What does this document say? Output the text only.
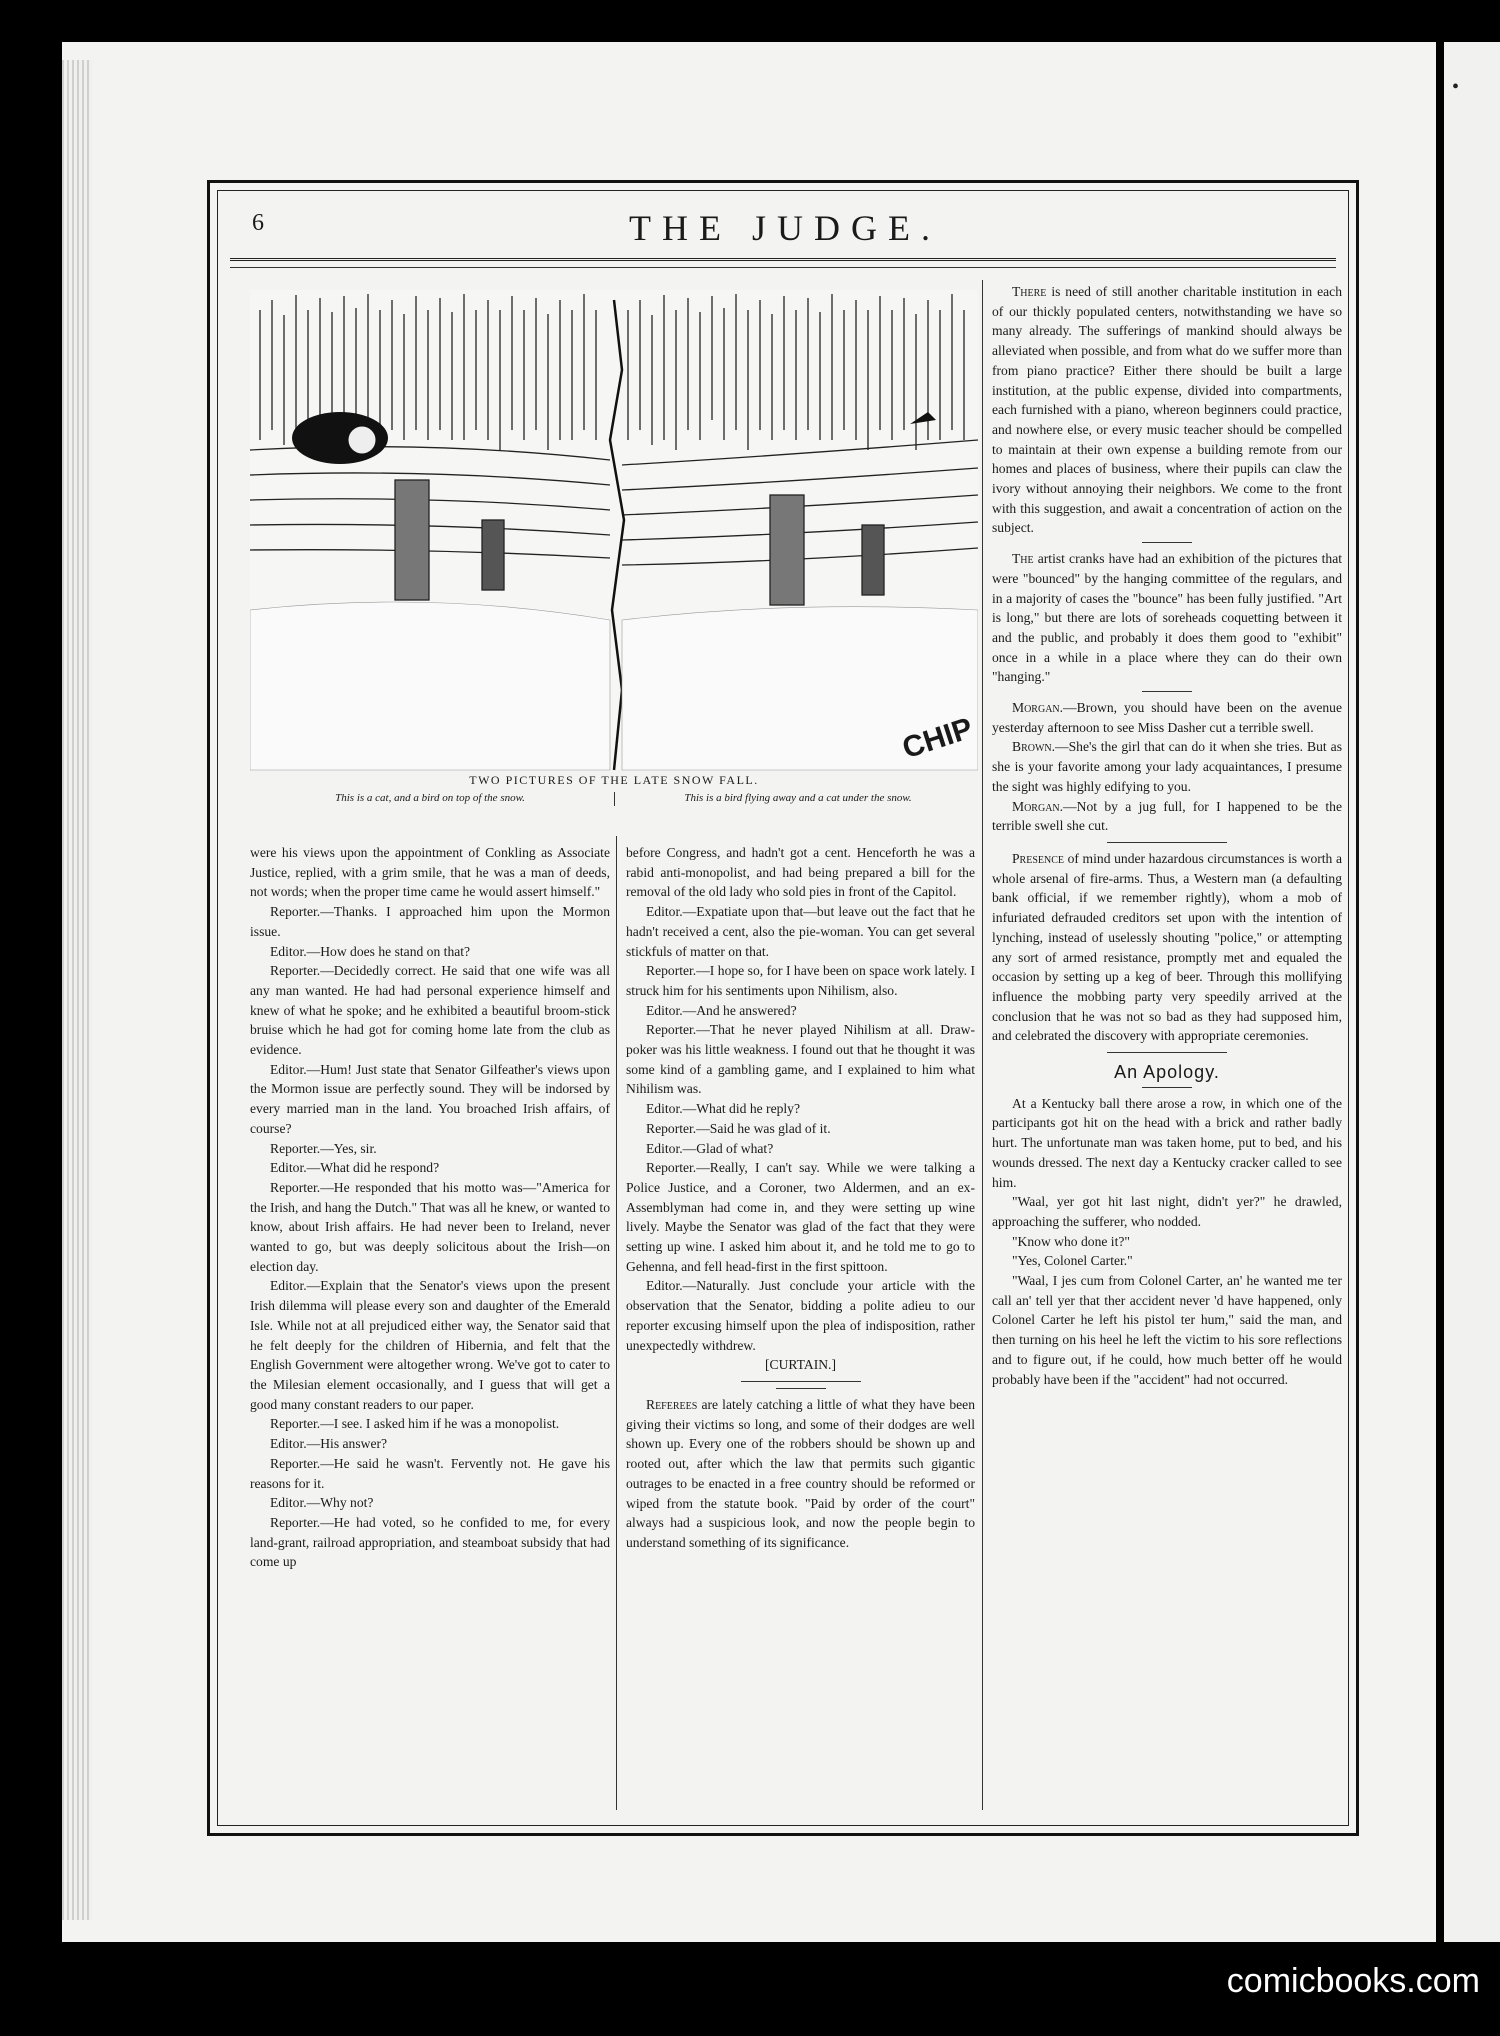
•
6	THE JUDGE.
CHIP
TWO PICTURES OF THE LATE SNOW FALL.
This is a cat, and a bird on top of the snow.	This is a bird flying away and a cat under the snow.

were his views upon the appointment of Conkling as Associate Justice, replied, with a grim smile, that he was a man of deeds, not words; when the proper time came he would assert himself."

Reporter.—Thanks. I approached him upon the Mormon issue.

Editor.—How does he stand on that?

Reporter.—Decidedly correct. He said that one wife was all any man wanted. He had had personal experience himself and knew of what he spoke; and he exhibited a beautiful broom-stick bruise which he had got for coming home late from the club as evidence.

Editor.—Hum! Just state that Senator Gilfeather's views upon the Mormon issue are perfectly sound. They will be indorsed by every married man in the land. You broached Irish affairs, of course?

Reporter.—Yes, sir.

Editor.—What did he respond?

Reporter.—He responded that his motto was—"America for the Irish, and hang the Dutch." That was all he knew, or wanted to know, about Irish affairs. He had never been to Ireland, never wanted to go, but was deeply solicitous about the Irish—on election day.

Editor.—Explain that the Senator's views upon the present Irish dilemma will please every son and daughter of the Emerald Isle. While not at all prejudiced either way, the Senator said that he felt deeply for the children of Hibernia, and felt that the English Government were altogether wrong. We've got to cater to the Milesian element occasionally, and I guess that will get a good many constant readers to our paper.

Reporter.—I see. I asked him if he was a monopolist.

Editor.—His answer?

Reporter.—He said he wasn't. Fervently not. He gave his reasons for it.

Editor.—Why not?

Reporter.—He had voted, so he confided to me, for every land-grant, railroad appropriation, and steamboat subsidy that had come up

before Congress, and hadn't got a cent. Henceforth he was a rabid anti-monopolist, and had being prepared a bill for the removal of the old lady who sold pies in front of the Capitol.

Editor.—Expatiate upon that—but leave out the fact that he hadn't received a cent, also the pie-woman. You can get several stickfuls of matter on that.

Reporter.—I hope so, for I have been on space work lately. I struck him for his sentiments upon Nihilism, also.

Editor.—And he answered?

Reporter.—That he never played Nihilism at all. Draw-poker was his little weakness. I found out that he thought it was some kind of a gambling game, and I explained to him what Nihilism was.

Editor.—What did he reply?

Reporter.—Said he was glad of it.

Editor.—Glad of what?

Reporter.—Really, I can't say. While we were talking a Police Justice, and a Coroner, two Aldermen, and an ex-Assemblyman had come in, and they were setting up wine lively. Maybe the Senator was glad of the fact that they were setting up wine. I asked him about it, and he told me to go to Gehenna, and fell head-first in the first spittoon.

Editor.—Naturally. Just conclude your article with the observation that the Senator, bidding a polite adieu to our reporter excusing himself upon the plea of indisposition, rather unexpectedly withdrew.

[CURTAIN.]

Referees are lately catching a little of what they have been giving their victims so long, and some of their dodges are well shown up. Every one of the robbers should be shown up and rooted out, after which the law that permits such gigantic outrages to be enacted in a free country should be reformed or wiped from the statute book. "Paid by order of the court" always had a suspicious look, and now the people begin to understand something of its significance.

There is need of still another charitable institution in each of our thickly populated centers, notwithstanding we have so many already. The sufferings of mankind should always be alleviated when possible, and from what do we suffer more than from piano practice? Either there should be built a large institution, at the public expense, divided into compartments, each furnished with a piano, whereon beginners could practice, and nowhere else, or every music teacher should be compelled to maintain at their own expense a building remote from our homes and places of business, where their pupils can claw the ivory without annoying their neighbors. We come to the front with this suggestion, and await a concentration of action on the subject.

The artist cranks have had an exhibition of the pictures that were "bounced" by the hanging committee of the regulars, and in a majority of cases the "bounce" has been fully justified. "Art is long," but there are lots of soreheads coquetting between it and the public, and probably it does them good to "exhibit" once in a while in a place where they can do their own "hanging."

Morgan.—Brown, you should have been on the avenue yesterday afternoon to see Miss Dasher cut a terrible swell.

Brown.—She's the girl that can do it when she tries. But as she is your favorite among your lady acquaintances, I presume the sight was highly edifying to you.

Morgan.—Not by a jug full, for I happened to be the terrible swell she cut.

Presence of mind under hazardous circumstances is worth a whole arsenal of fire-arms. Thus, a Western man (a defaulting bank official, if we remember rightly), whom a mob of infuriated defrauded creditors set upon with the intention of lynching, instead of uselessly shouting "police," or attempting any sort of armed resistance, promptly met and equaled the occasion by setting up a keg of beer. Through this mollifying influence the mobbing party very speedily arrived at the conclusion that he was not so bad as they had supposed him, and celebrated the discovery with appropriate ceremonies.

An Apology.

At a Kentucky ball there arose a row, in which one of the participants got hit on the head with a brick and rather badly hurt. The unfortunate man was taken home, put to bed, and his wounds dressed. The next day a Kentucky cracker called to see him.

"Waal, yer got hit last night, didn't yer?" he drawled, approaching the sufferer, who nodded.

"Know who done it?"

"Yes, Colonel Carter."

"Waal, I jes cum from Colonel Carter, an' he wanted me ter call an' tell yer that ther accident never 'd have happened, only Colonel Carter he left his pistol ter hum," said the man, and then turning on his heel he left the victim to his sore reflections and to figure out, if he could, how much better off he would probably have been if the "accident" had not occurred.

comicbooks.com
